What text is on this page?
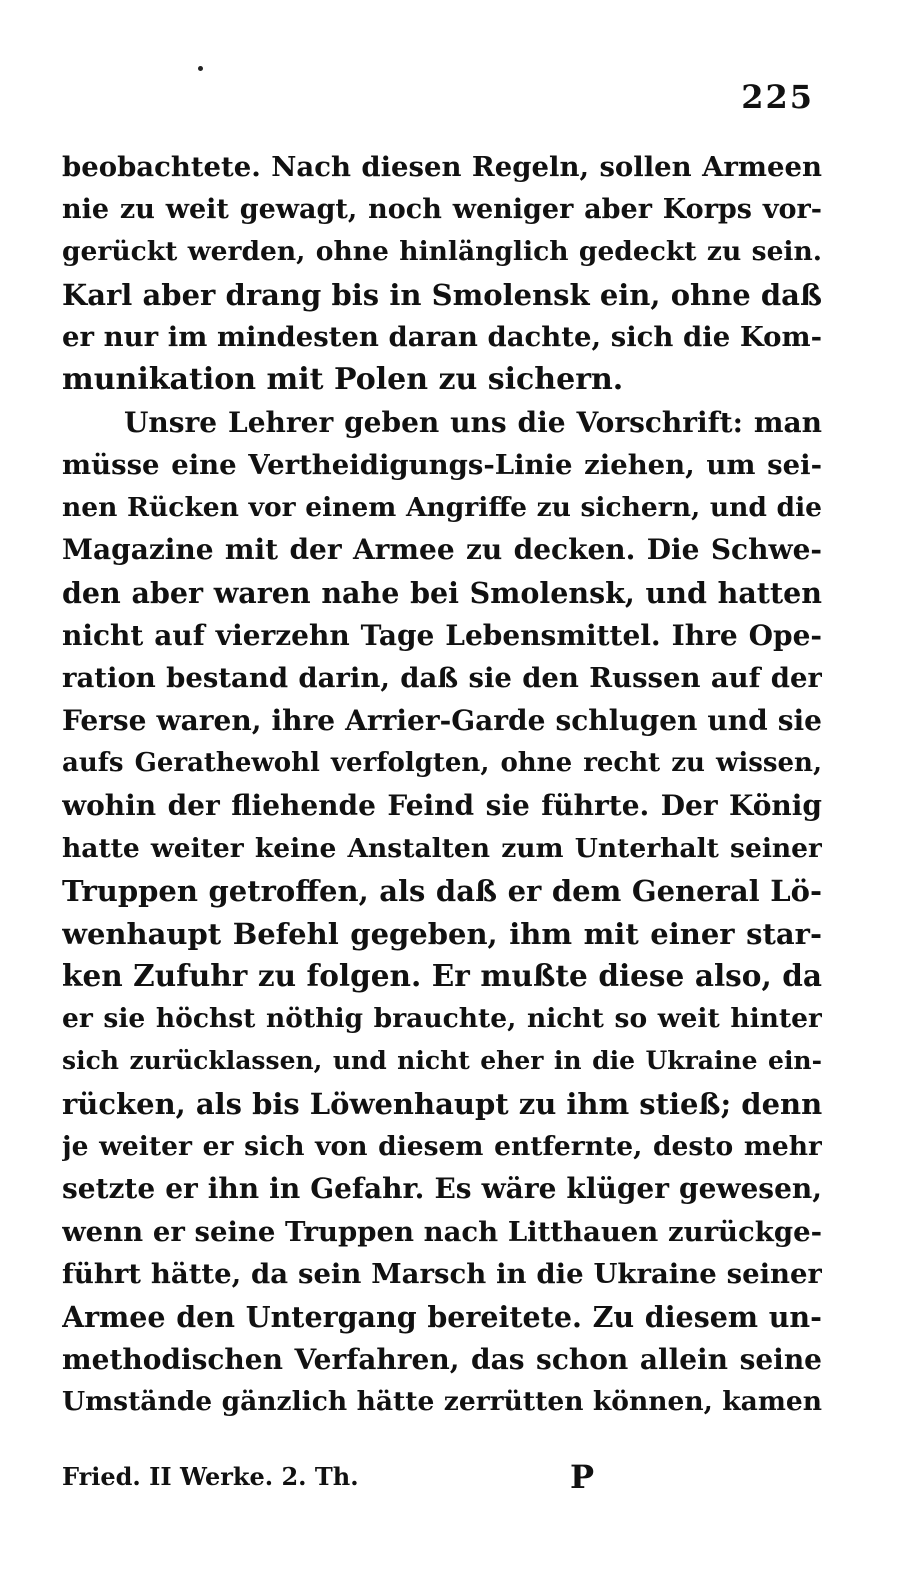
225
beobachtete. Nach diesen Regeln, sollen Armeen
nie zu weit gewagt, noch weniger aber Korps vor-
gerückt werden, ohne hinlänglich gedeckt zu sein.
Karl aber drang bis in Smolensk ein, ohne daß
er nur im mindesten daran dachte, sich die Kom-
munikation mit Polen zu sichern.
Unsre Lehrer geben uns die Vorschrift: man
müsse eine Vertheidigungs-Linie ziehen, um sei-
nen Rücken vor einem Angriffe zu sichern, und die
Magazine mit der Armee zu decken. Die Schwe-
den aber waren nahe bei Smolensk, und hatten
nicht auf vierzehn Tage Lebensmittel. Ihre Ope-
ration bestand darin, daß sie den Russen auf der
Ferse waren, ihre Arrier-Garde schlugen und sie
aufs Gerathewohl verfolgten, ohne recht zu wissen,
wohin der fliehende Feind sie führte. Der König
hatte weiter keine Anstalten zum Unterhalt seiner
Truppen getroffen, als daß er dem General Lö-
wenhaupt Befehl gegeben, ihm mit einer star-
ken Zufuhr zu folgen. Er mußte diese also, da
er sie höchst nöthig brauchte, nicht so weit hinter
sich zurücklassen, und nicht eher in die Ukraine ein-
rücken, als bis Löwenhaupt zu ihm stieß; denn
je weiter er sich von diesem entfernte, desto mehr
setzte er ihn in Gefahr. Es wäre klüger gewesen,
wenn er seine Truppen nach Litthauen zurückge-
führt hätte, da sein Marsch in die Ukraine seiner
Armee den Untergang bereitete. Zu diesem un-
methodischen Verfahren, das schon allein seine
Umstände gänzlich hätte zerrütten können, kamen
Fried. II Werke. 2. Th.	P
